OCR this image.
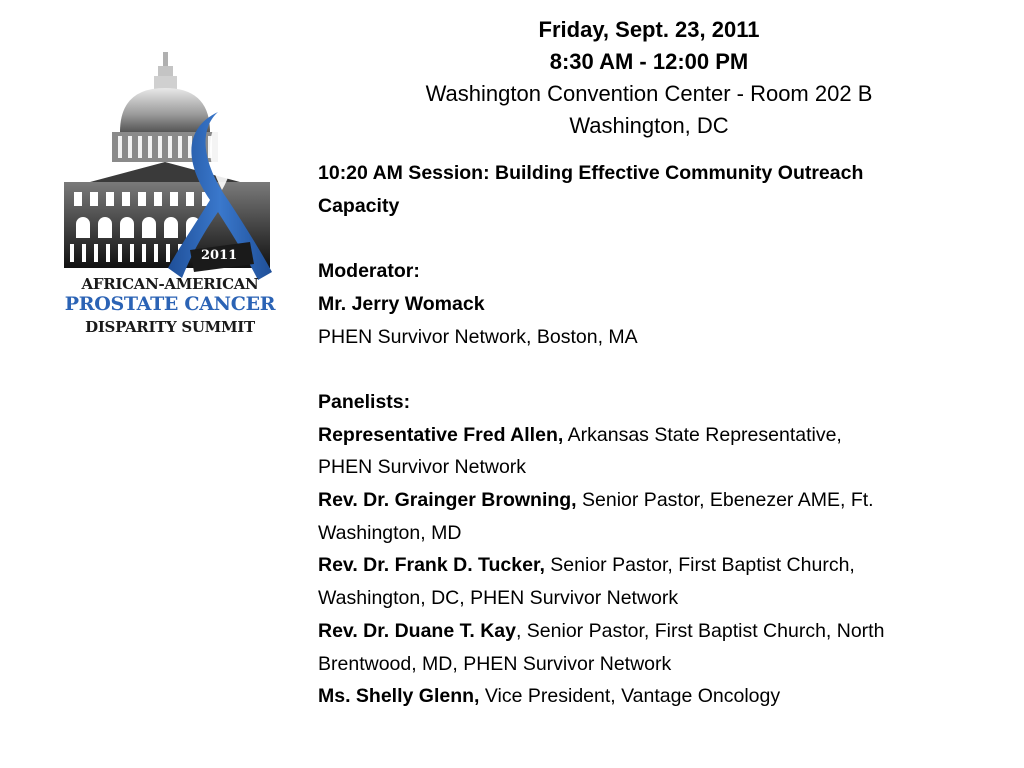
Friday, Sept. 23, 2011
8:30 AM - 12:00 PM
Washington Convention Center - Room 202 B
Washington, DC
2011
AFRICAN-AMERICAN
PROSTATE CANCER
DISPARITY SUMMIT

10:20 AM Session: Building Effective Community Outreach

Capacity

Moderator:

Mr. Jerry Womack

PHEN Survivor Network, Boston, MA

Panelists:

Representative Fred Allen, Arkansas State Representative,

PHEN Survivor Network

Rev. Dr. Grainger Browning, Senior Pastor, Ebenezer AME, Ft.

Washington, MD

Rev. Dr. Frank D. Tucker, Senior Pastor, First Baptist Church,

Washington, DC, PHEN Survivor Network

Rev. Dr. Duane T. Kay, Senior Pastor, First Baptist Church, North

Brentwood, MD, PHEN Survivor Network

Ms. Shelly Glenn, Vice President, Vantage Oncology
